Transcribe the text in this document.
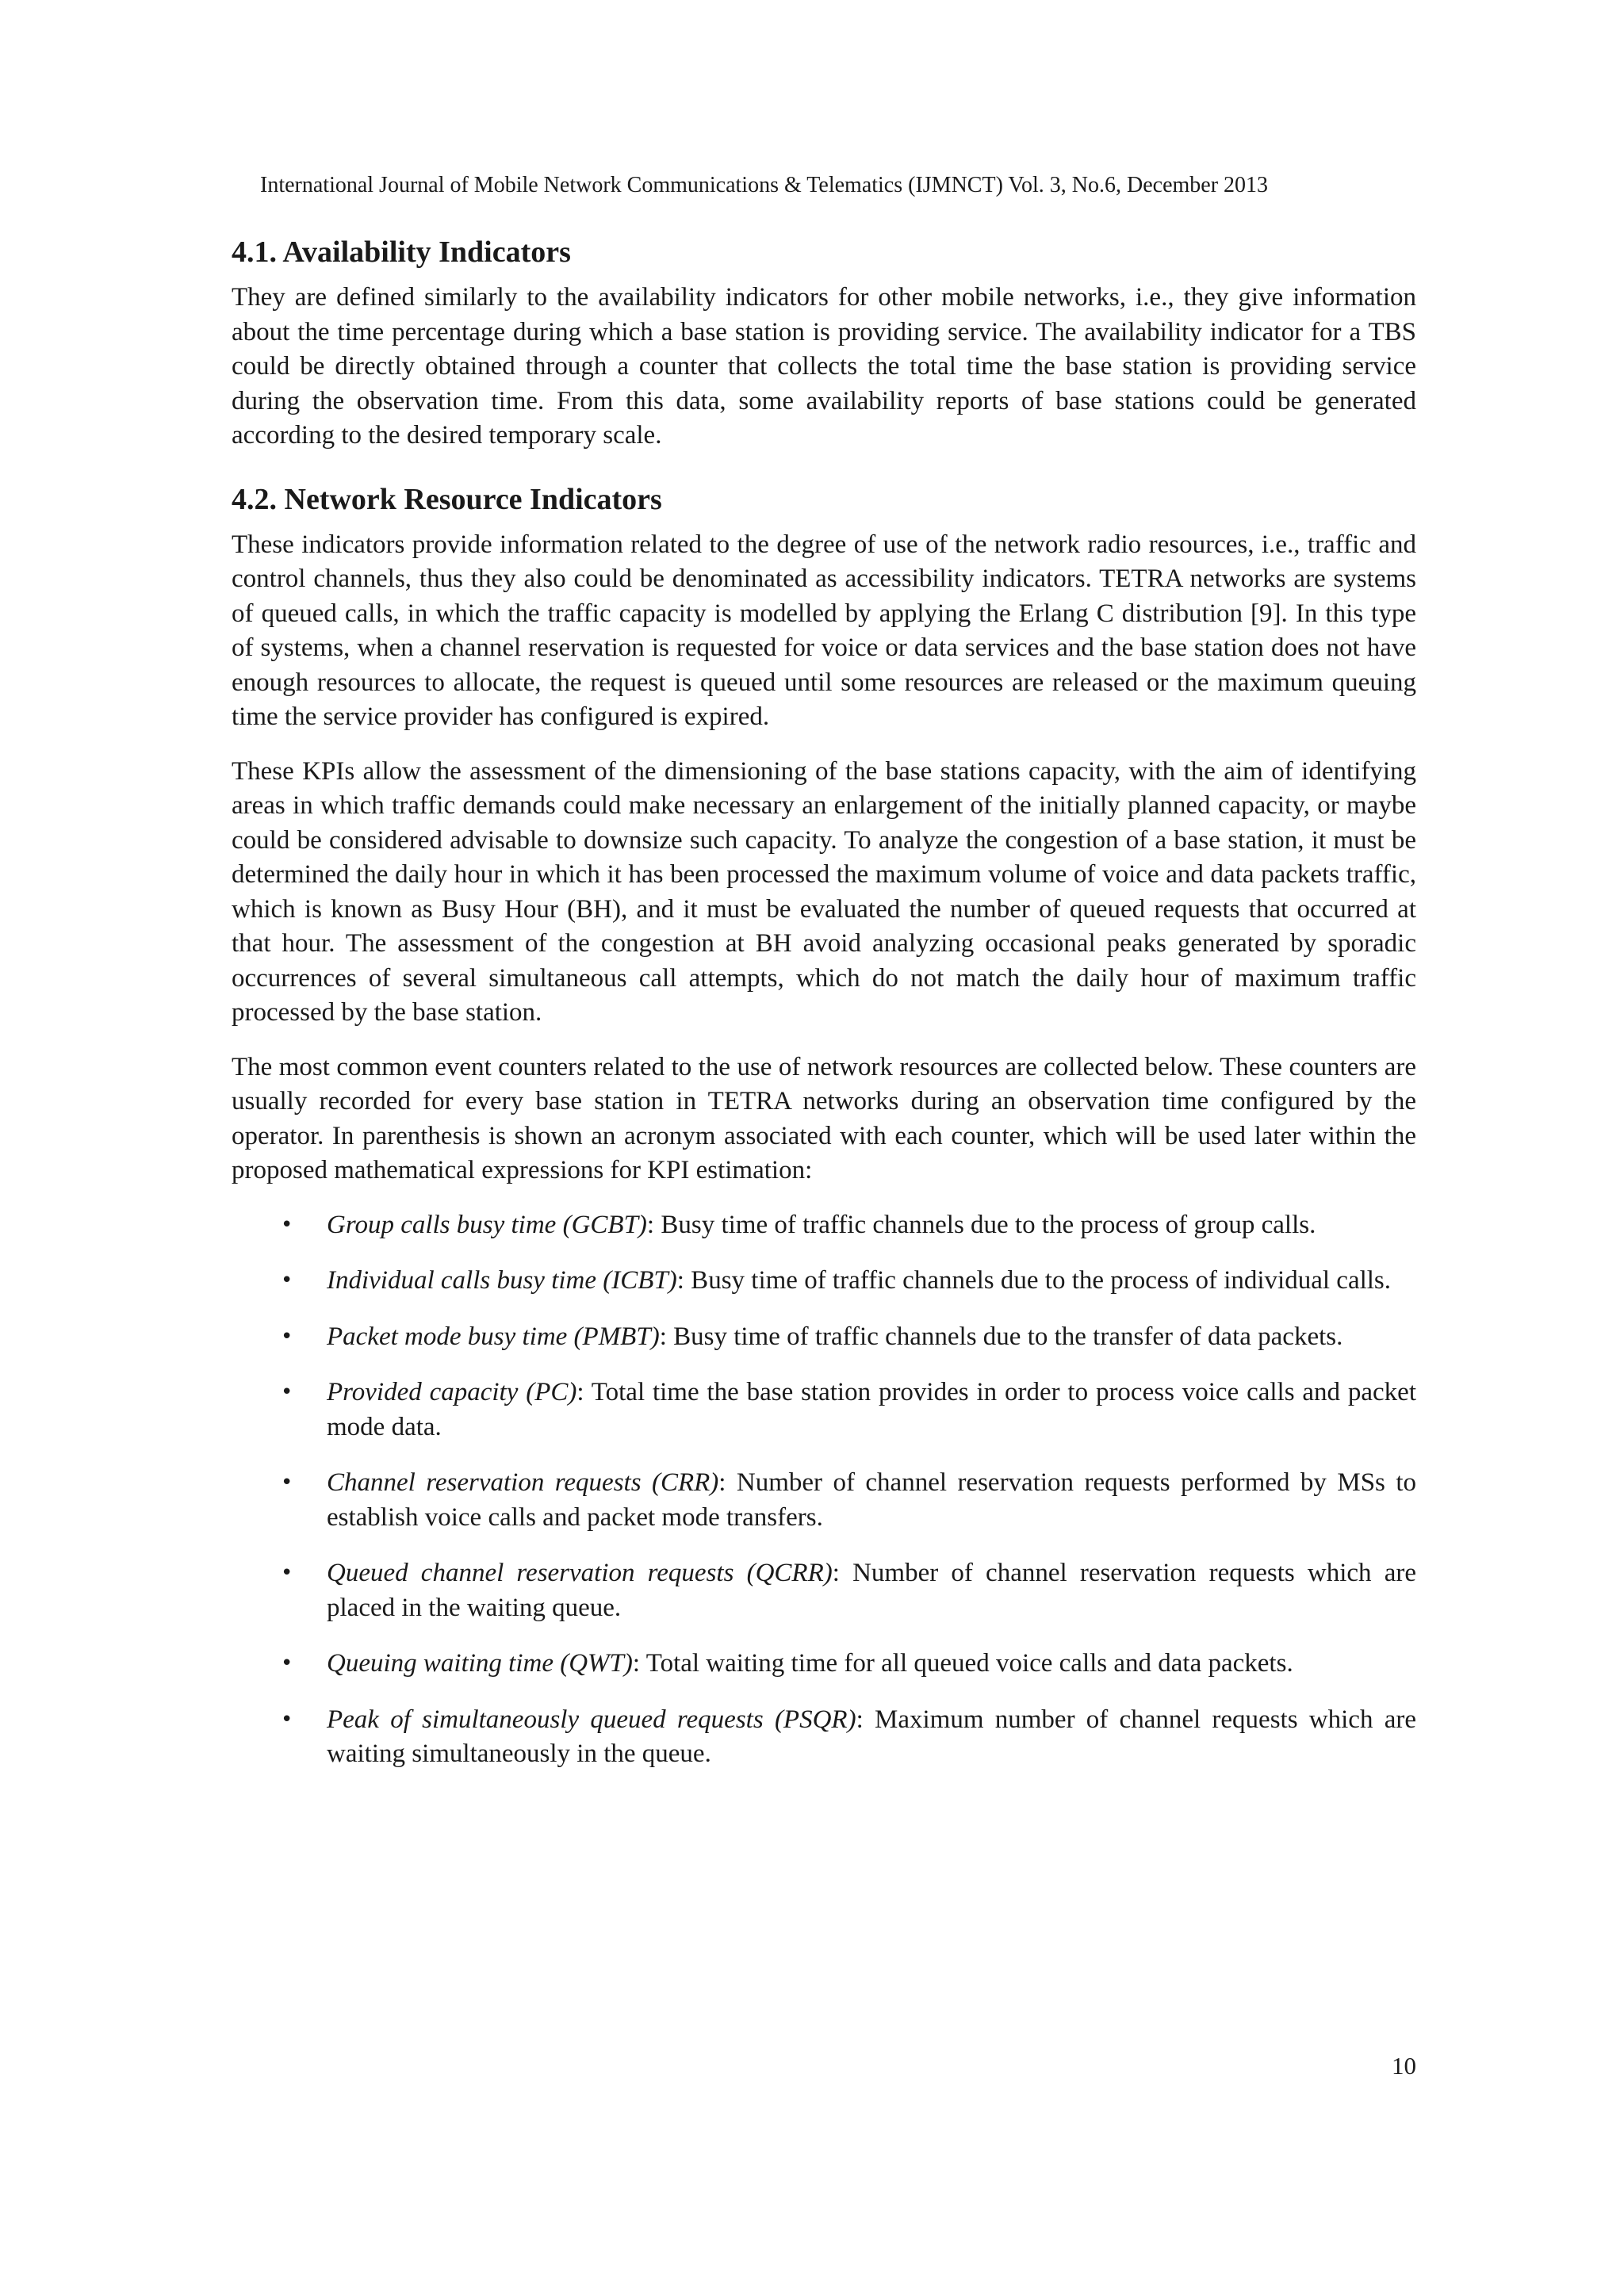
International Journal of Mobile Network Communications & Telematics (IJMNCT) Vol. 3, No.6, December 2013
4.1. Availability Indicators

They are defined similarly to the availability indicators for other mobile networks, i.e., they give information about the time percentage during which a base station is providing service. The availability indicator for a TBS could be directly obtained through a counter that collects the total time the base station is providing service during the observation time. From this data, some availability reports of base stations could be generated according to the desired temporary scale.

4.2. Network Resource Indicators

These indicators provide information related to the degree of use of the network radio resources, i.e., traffic and control channels, thus they also could be denominated as accessibility indicators. TETRA networks are systems of queued calls, in which the traffic capacity is modelled by applying the Erlang C distribution [9]. In this type of systems, when a channel reservation is requested for voice or data services and the base station does not have enough resources to allocate, the request is queued until some resources are released or the maximum queuing time the service provider has configured is expired.

These KPIs allow the assessment of the dimensioning of the base stations capacity, with the aim of identifying areas in which traffic demands could make necessary an enlargement of the initially planned capacity, or maybe could be considered advisable to downsize such capacity. To analyze the congestion of a base station, it must be determined the daily hour in which it has been processed the maximum volume of voice and data packets traffic, which is known as Busy Hour (BH), and it must be evaluated the number of queued requests that occurred at that hour. The assessment of the congestion at BH avoid analyzing occasional peaks generated by sporadic occurrences of several simultaneous call attempts, which do not match the daily hour of maximum traffic processed by the base station.

The most common event counters related to the use of network resources are collected below. These counters are usually recorded for every base station in TETRA networks during an observation time configured by the operator. In parenthesis is shown an acronym associated with each counter, which will be used later within the proposed mathematical expressions for KPI estimation:

• Group calls busy time (GCBT): Busy time of traffic channels due to the process of group calls.
• Individual calls busy time (ICBT): Busy time of traffic channels due to the process of individual calls.
• Packet mode busy time (PMBT): Busy time of traffic channels due to the transfer of data packets.
• Provided capacity (PC): Total time the base station provides in order to process voice calls and packet mode data.
• Channel reservation requests (CRR): Number of channel reservation requests performed by MSs to establish voice calls and packet mode transfers.
• Queued channel reservation requests (QCRR): Number of channel reservation requests which are placed in the waiting queue.
• Queuing waiting time (QWT): Total waiting time for all queued voice calls and data packets.
• Peak of simultaneously queued requests (PSQR): Maximum number of channel requests which are waiting simultaneously in the queue.
10
